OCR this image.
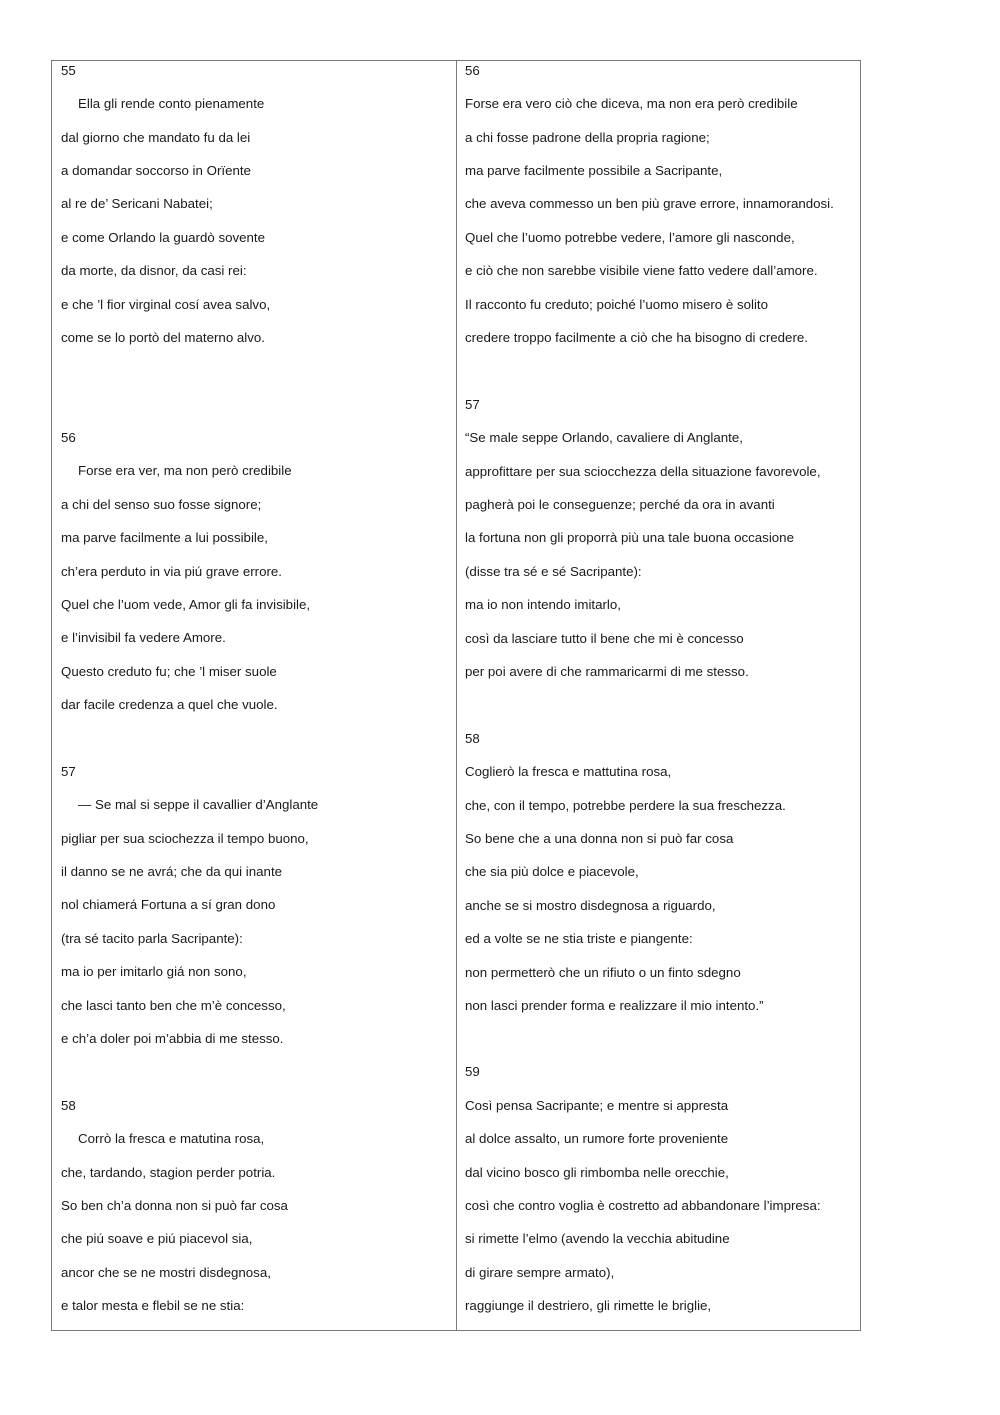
55
Ella gli rende conto pienamente
dal giorno che mandato fu da lei
a domandar soccorso in Orïente
al re de’ Sericani Nabatei;
e come Orlando la guardò sovente
da morte, da disnor, da casi rei:
e che ’l fior virginal cosí avea salvo,
come se lo portò del materno alvo.
56
Forse era ver, ma non però credibile
a chi del senso suo fosse signore;
ma parve facilmente a lui possibile,
ch’era perduto in via piú grave errore.
Quel che l’uom vede, Amor gli fa invisibile,
e l’invisibil fa vedere Amore.
Questo creduto fu; che ’l miser suole
dar facile credenza a quel che vuole.
57
— Se mal si seppe il cavallier d’Anglante
pigliar per sua sciochezza il tempo buono,
il danno se ne avrá; che da qui inante
nol chiamerá Fortuna a sí gran dono
(tra sé tacito parla Sacripante):
ma io per imitarlo giá non sono,
che lasci tanto ben che m’è concesso,
e ch’a doler poi m’abbia di me stesso.
58
Corrò la fresca e matutina rosa,
che, tardando, stagion perder potria.
So ben ch’a donna non si può far cosa
che piú soave e piú piacevol sia,
ancor che se ne mostri disdegnosa,
e talor mesta e flebil se ne stia:
56
Forse era vero ciò che diceva, ma non era però credibile
a chi fosse padrone della propria ragione;
ma parve facilmente possibile a Sacripante,
che aveva commesso un ben più grave errore, innamorandosi.
Quel che l’uomo potrebbe vedere, l’amore gli nasconde,
e ciò che non sarebbe visibile viene fatto vedere dall’amore.
Il racconto fu creduto; poiché l’uomo misero è solito
credere troppo facilmente a ciò che ha bisogno di credere.
57
“Se male seppe Orlando, cavaliere di Anglante,
approfittare per sua sciocchezza della situazione favorevole,
pagherà poi le conseguenze; perché da ora in avanti
la fortuna non gli proporrà più una tale buona occasione
(disse tra sé e sé Sacripante):
ma io non intendo imitarlo,
così da lasciare tutto il bene che mi è concesso
per poi avere di che rammaricarmi di me stesso.
58
Coglierò la fresca e mattutina rosa,
che, con il tempo, potrebbe perdere la sua freschezza.
So bene che a una donna non si può far cosa
che sia più dolce e piacevole,
anche se si mostro disdegnosa a riguardo,
ed a volte se ne stia triste e piangente:
non permetterò che un rifiuto o un finto sdegno
non lasci prender forma e realizzare il mio intento.”
59
Così pensa Sacripante; e mentre si appresta
al dolce assalto, un rumore forte proveniente
dal vicino bosco gli rimbomba nelle orecchie,
così che contro voglia è costretto ad abbandonare l’impresa:
si rimette l’elmo (avendo la vecchia abitudine
di girare sempre armato),
raggiunge il destriero, gli rimette le briglie,
